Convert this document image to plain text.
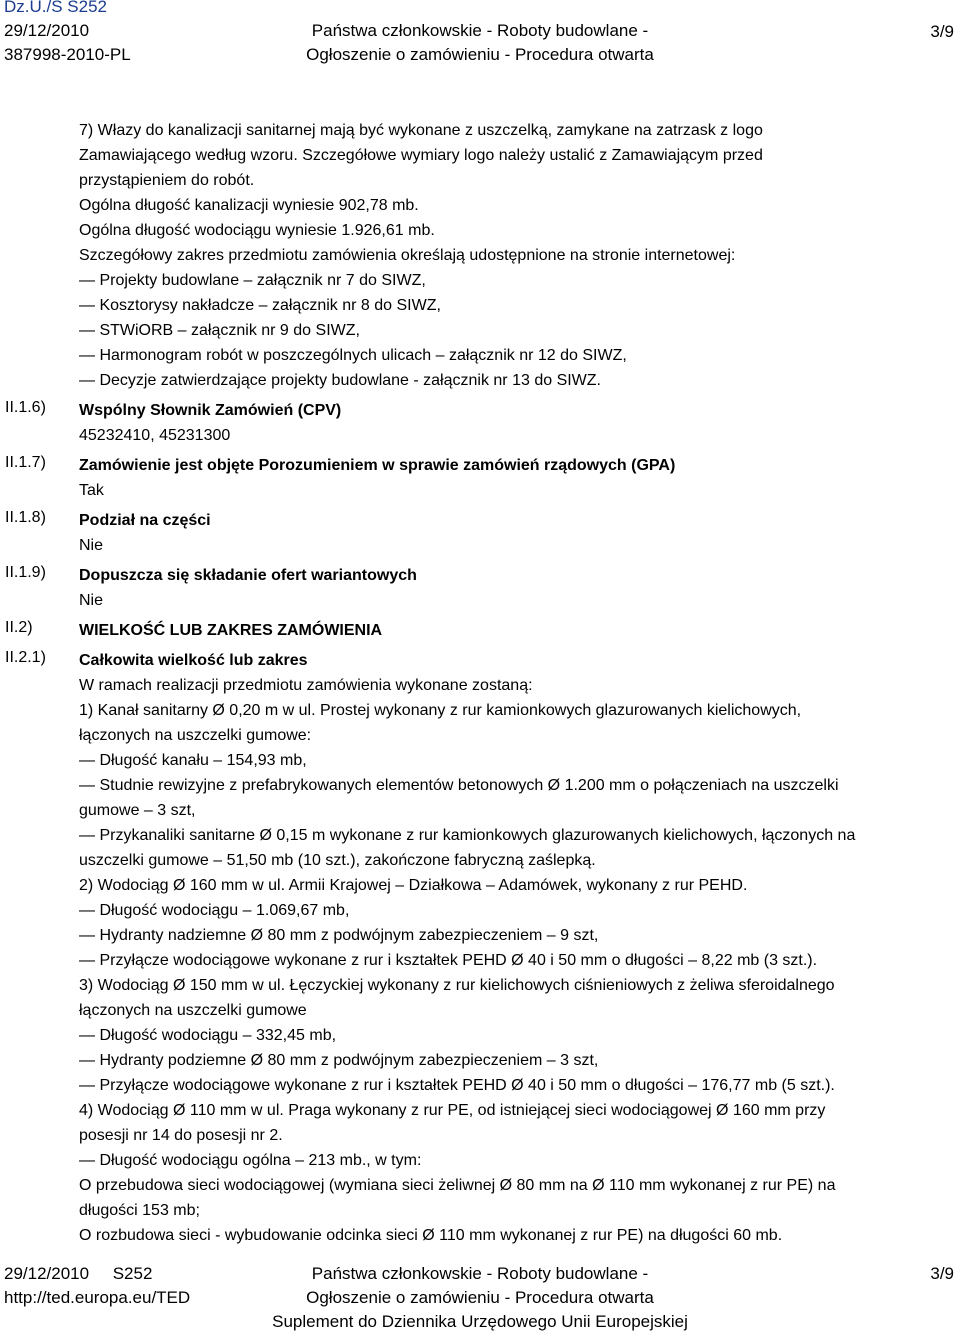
Dz.U./S S252
29/12/2010
387998-2010-PL
Państwa członkowskie - Roboty budowlane -
Ogłoszenie o zamówieniu - Procedura otwarta
3/9
II.1.6)
II.1.7)
II.1.8)
II.1.9)
II.2)
II.2.1)
7) Włazy do kanalizacji sanitarnej mają być wykonane z uszczelką, zamykane na zatrzask z logo
Zamawiającego według wzoru. Szczegółowe wymiary logo należy ustalić z Zamawiającym przed
przystąpieniem do robót.
Ogólna długość kanalizacji wyniesie 902,78 mb.
Ogólna długość wodociągu wyniesie 1.926,61 mb.
Szczegółowy zakres przedmiotu zamówienia określają udostępnione na stronie internetowej:
— Projekty budowlane – załącznik nr 7 do SIWZ,
— Kosztorysy nakładcze – załącznik nr 8 do SIWZ,
— STWiORB – załącznik nr 9 do SIWZ,
— Harmonogram robót w poszczególnych ulicach – załącznik nr 12 do SIWZ,
— Decyzje zatwierdzające projekty budowlane - załącznik nr 13 do SIWZ.
Wspólny Słownik Zamówień (CPV)
45232410, 45231300
Zamówienie jest objęte Porozumieniem w sprawie zamówień rządowych (GPA)
Tak
Podział na części
Nie
Dopuszcza się składanie ofert wariantowych
Nie
WIELKOŚĆ LUB ZAKRES ZAMÓWIENIA
Całkowita wielkość lub zakres
W ramach realizacji przedmiotu zamówienia wykonane zostaną:
1) Kanał sanitarny Ø 0,20 m w ul. Prostej wykonany z rur kamionkowych glazurowanych kielichowych,
łączonych na uszczelki gumowe:
— Długość kanału – 154,93 mb,
— Studnie rewizyjne z prefabrykowanych elementów betonowych Ø 1.200 mm o połączeniach na uszczelki
gumowe – 3 szt,
— Przykanaliki sanitarne Ø 0,15 m wykonane z rur kamionkowych glazurowanych kielichowych, łączonych na
uszczelki gumowe – 51,50 mb (10 szt.), zakończone fabryczną zaślepką.
2) Wodociąg Ø 160 mm w ul. Armii Krajowej – Działkowa – Adamówek, wykonany z rur PEHD.
— Długość wodociągu – 1.069,67 mb,
— Hydranty nadziemne Ø 80 mm z podwójnym zabezpieczeniem – 9 szt,
— Przyłącze wodociągowe wykonane z rur i kształtek PEHD Ø 40 i 50 mm o długości – 8,22 mb (3 szt.).
3) Wodociąg Ø 150 mm w ul. Łęczyckiej wykonany z rur kielichowych ciśnieniowych z żeliwa sferoidalnego
łączonych na uszczelki gumowe
— Długość wodociągu – 332,45 mb,
— Hydranty podziemne Ø 80 mm z podwójnym zabezpieczeniem – 3 szt,
— Przyłącze wodociągowe wykonane z rur i kształtek PEHD Ø 40 i 50 mm o długości – 176,77 mb (5 szt.).
4) Wodociąg Ø 110 mm w ul. Praga wykonany z rur PE, od istniejącej sieci wodociągowej Ø 160 mm przy
posesji nr 14 do posesji nr 2.
— Długość wodociągu ogólna – 213 mb., w tym:
O przebudowa sieci wodociągowej (wymiana sieci żeliwnej Ø 80 mm na Ø 110 mm wykonanej z rur PE) na
długości 153 mb;
O rozbudowa sieci - wybudowanie odcinka sieci Ø 110 mm wykonanej z rur PE) na długości 60 mb.
29/12/2010 S252
http://ted.europa.eu/TED
Państwa członkowskie - Roboty budowlane -
Ogłoszenie o zamówieniu - Procedura otwarta
Suplement do Dziennika Urzędowego Unii Europejskiej
3/9
